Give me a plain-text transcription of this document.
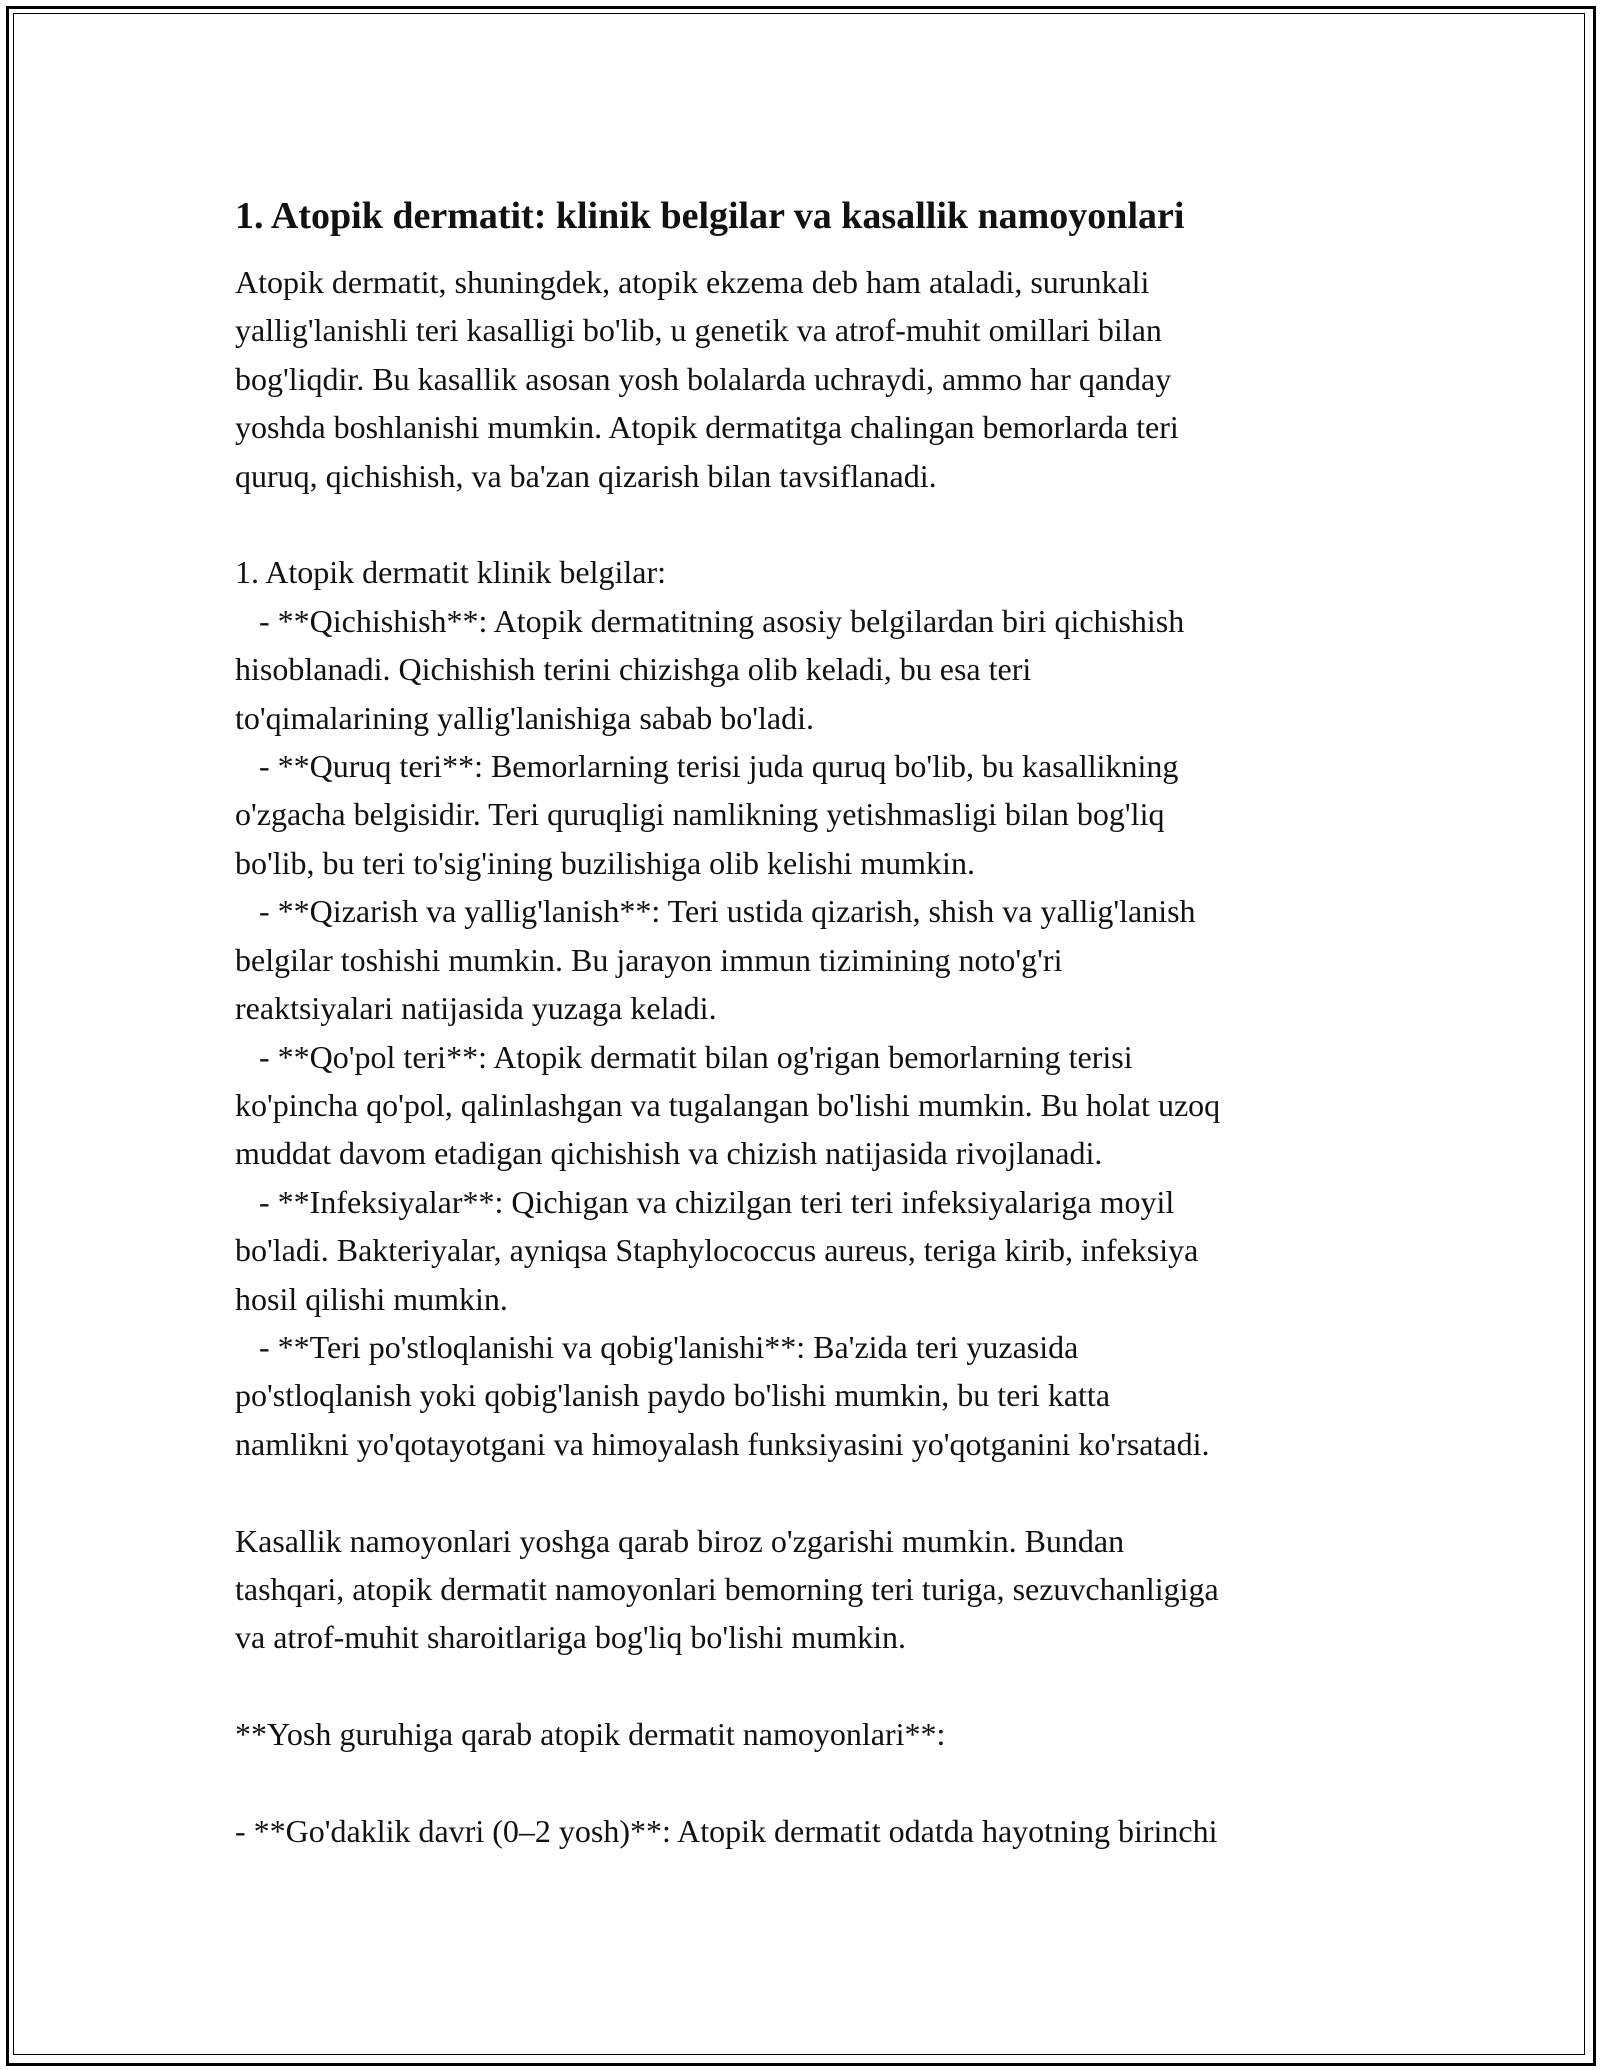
1. Atopik dermatit: klinik belgilar va kasallik namoyonlari
Atopik dermatit, shuningdek, atopik ekzema deb ham ataladi, surunkali
yallig'lanishli teri kasalligi bo'lib, u genetik va atrof-muhit omillari bilan
bog'liqdir. Bu kasallik asosan yosh bolalarda uchraydi, ammo har qanday
yoshda boshlanishi mumkin. Atopik dermatitga chalingan bemorlarda teri
quruq, qichishish, va ba'zan qizarish bilan tavsiflanadi.

1. Atopik dermatit klinik belgilar:
- **Qichishish**: Atopik dermatitning asosiy belgilardan biri qichishish
hisoblanadi. Qichishish terini chizishga olib keladi, bu esa teri
to'qimalarining yallig'lanishiga sabab bo'ladi.
- **Quruq teri**: Bemorlarning terisi juda quruq bo'lib, bu kasallikning
o'zgacha belgisidir. Teri quruqligi namlikning yetishmasligi bilan bog'liq
bo'lib, bu teri to'sig'ining buzilishiga olib kelishi mumkin.
- **Qizarish va yallig'lanish**: Teri ustida qizarish, shish va yallig'lanish
belgilar toshishi mumkin. Bu jarayon immun tizimining noto'g'ri
reaktsiyalari natijasida yuzaga keladi.
- **Qo'pol teri**: Atopik dermatit bilan og'rigan bemorlarning terisi
ko'pincha qo'pol, qalinlashgan va tugalangan bo'lishi mumkin. Bu holat uzoq
muddat davom etadigan qichishish va chizish natijasida rivojlanadi.
- **Infeksiyalar**: Qichigan va chizilgan teri teri infeksiyalariga moyil
bo'ladi. Bakteriyalar, ayniqsa Staphylococcus aureus, teriga kirib, infeksiya
hosil qilishi mumkin.
- **Teri po'stloqlanishi va qobig'lanishi**: Ba'zida teri yuzasida
po'stloqlanish yoki qobig'lanish paydo bo'lishi mumkin, bu teri katta
namlikni yo'qotayotgani va himoyalash funksiyasini yo'qotganini ko'rsatadi.

Kasallik namoyonlari yoshga qarab biroz o'zgarishi mumkin. Bundan
tashqari, atopik dermatit namoyonlari bemorning teri turiga, sezuvchanligiga
va atrof-muhit sharoitlariga bog'liq bo'lishi mumkin.

**Yosh guruhiga qarab atopik dermatit namoyonlari**:

- **Go'daklik davri (0–2 yosh)**: Atopik dermatit odatda hayotning birinchi
